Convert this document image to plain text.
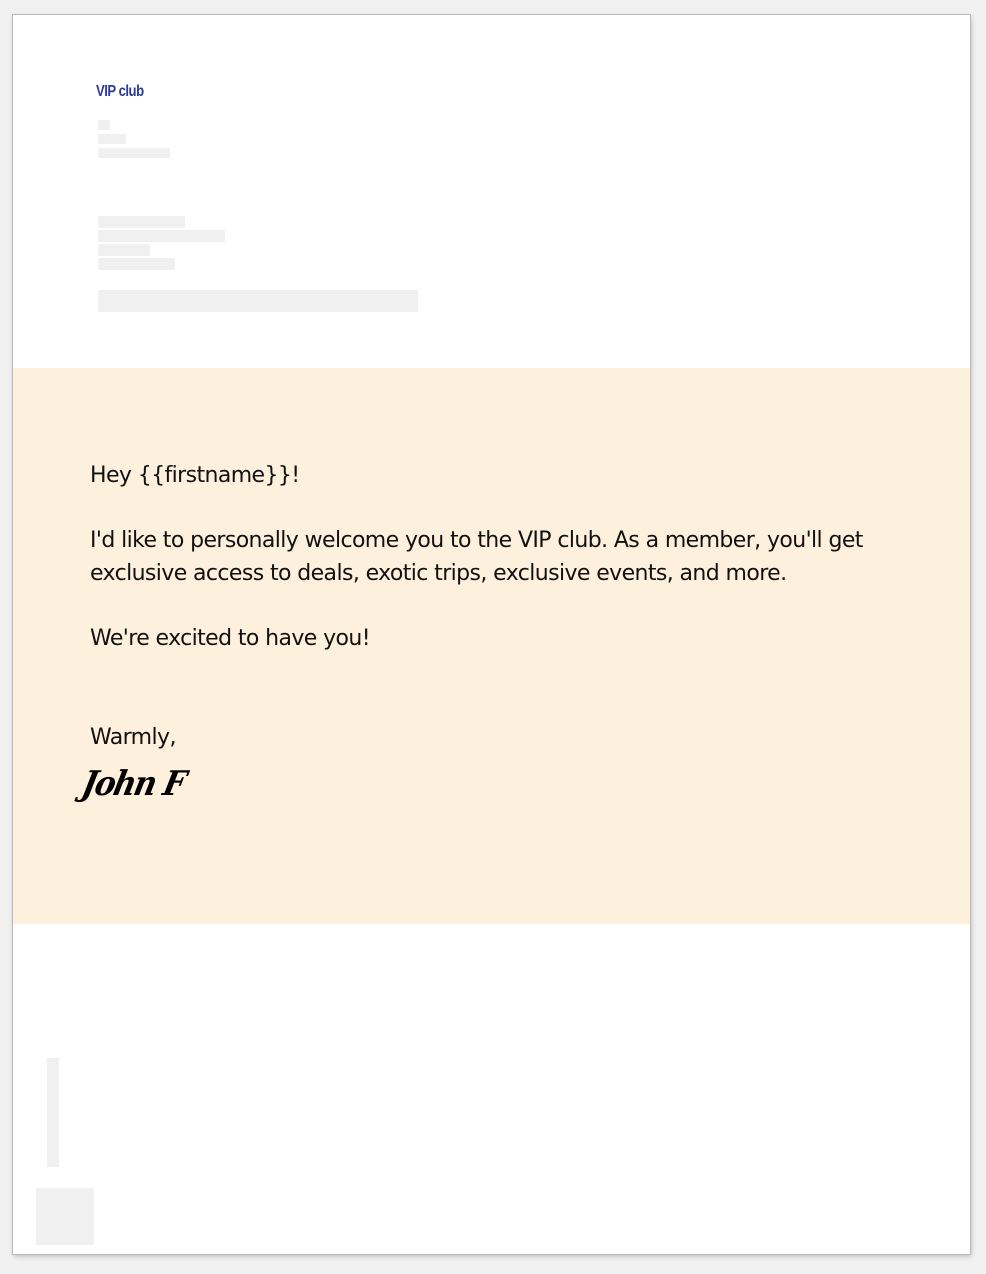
VIP club

Hey {{firstname}}!

I'd like to personally welcome you to the VIP club. As a member, you'll get exclusive access to deals, exotic trips, exclusive events, and more.

We're excited to have you!

Warmly,

John F
